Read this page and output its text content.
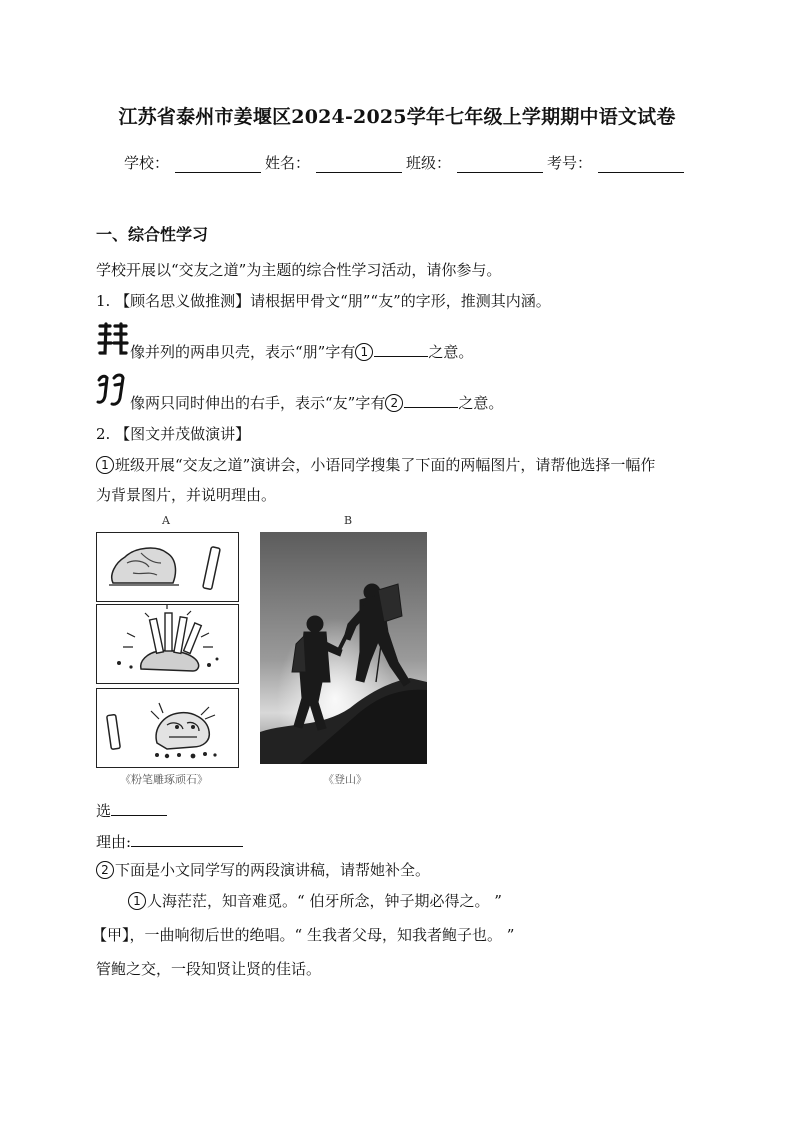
江苏省泰州市姜堰区2024-2025学年七年级上学期期中语文试卷
学校：	姓名：	班级：	考号：
一、综合性学习
学校开展以“交友之道”为主题的综合性学习活动，请你参与。
1. 【顾名思义做推测】请根据甲骨文“朋”“友”的字形，推测其内涵。
像并列的两串贝壳，表示“朋”字有 1	之意。
像两只同时伸出的右手，表示“友”字有 2	之意。
2. 【图文并茂做演讲】
1 班级开展“交友之道”演讲会，小语同学搜集了下面的两幅图片，请帮他选择一幅作
为背景图片，并说明理由。
A	B
《粉笔雕琢顽石》	《登山》
选
理由:
2 下面是小文同学写的两段演讲稿，请帮她补全。
1 人海茫茫，知音难觅。“ 伯牙所念，钟子期必得之。 ”
【甲】，一曲响彻后世的绝唱。“ 生我者父母，知我者鲍子也。 ”
管鲍之交，一段知贤让贤的佳话。
